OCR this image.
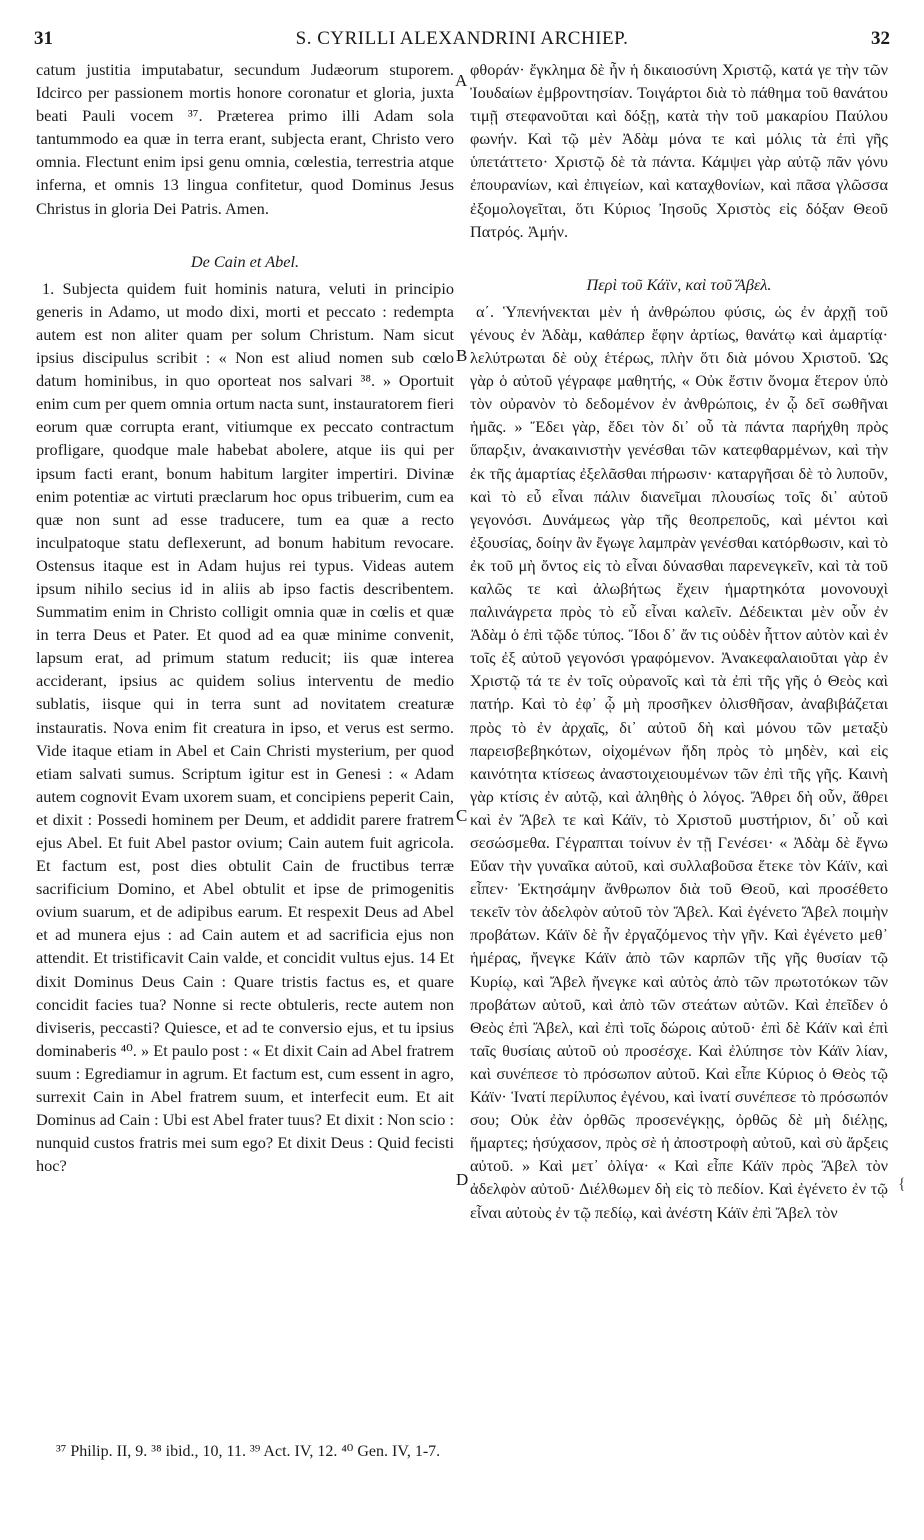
31	S. CYRILLI ALEXANDRINI ARCHIEP.	32

catum justitia imputabatur, secundum Judæorum stuporem. Idcirco per passionem mortis honore coronatur et gloria, juxta beati Pauli vocem ³⁷. Præterea primo illi Adam sola tantummodo ea quæ in terra erant, subjecta erant, Christo vero omnia. Flectunt enim ipsi genu omnia, cœlestia, terrestria atque inferna, et omnis 13 lingua confitetur, quod Dominus Jesus Christus in gloria Dei Patris. Amen.

De Cain et Abel.

1. Subjecta quidem fuit hominis natura, veluti in principio generis in Adamo, ut modo dixi, morti et peccato : redempta autem est non aliter quam per solum Christum. Nam sicut ipsius discipulus scribit : « Non est aliud nomen sub cœlo datum hominibus, in quo oporteat nos salvari ³⁸. » Oportuit enim cum per quem omnia ortum nacta sunt, instauratorem fieri eorum quæ corrupta erant, vitiumque ex peccato contractum profligare, quodque male habebat abolere, atque iis qui per ipsum facti erant, bonum habitum largiter impertiri. Divinæ enim potentiæ ac virtuti præclarum hoc opus tribuerim, cum ea quæ non sunt ad esse traducere, tum ea quæ a recto inculpatoque statu deflexerunt, ad bonum habitum revocare. Ostensus itaque est in Adam hujus rei typus. Videas autem ipsum nihilo secius id in aliis ab ipso factis describentem. Summatim enim in Christo colligit omnia quæ in cœlis et quæ in terra Deus et Pater. Et quod ad ea quæ minime convenit, lapsum erat, ad primum statum reducit; iis quæ interea acciderant, ipsius ac quidem solius interventu de medio sublatis, iisque qui in terra sunt ad novitatem creaturæ instauratis. Nova enim fit creatura in ipso, et verus est sermo. Vide itaque etiam in Abel et Cain Christi mysterium, per quod etiam salvati sumus. Scriptum igitur est in Genesi : « Adam autem cognovit Evam uxorem suam, et concipiens peperit Cain, et dixit : Possedi hominem per Deum, et addidit parere fratrem ejus Abel. Et fuit Abel pastor ovium; Cain autem fuit agricola. Et factum est, post dies obtulit Cain de fructibus terræ sacrificium Domino, et Abel obtulit et ipse de primogenitis ovium suarum, et de adipibus earum. Et respexit Deus ad Abel et ad munera ejus : ad Cain autem et ad sacrificia ejus non attendit. Et tristificavit Cain valde, et concidit vultus ejus. 14 Et dixit Dominus Deus Cain : Quare tristis factus es, et quare concidit facies tua? Nonne si recte obtuleris, recte autem non diviseris, peccasti? Quiesce, et ad te conversio ejus, et tu ipsius dominaberis ⁴⁰. » Et paulo post : « Et dixit Cain ad Abel fratrem suum : Egrediamur in agrum. Et factum est, cum essent in agro, surrexit Cain in Abel fratrem suum, et interfecit eum. Et ait Dominus ad Cain : Ubi est Abel frater tuus? Et dixit : Non scio : nunquid custos fratris mei sum ego? Et dixit Deus : Quid fecisti hoc?

A
B
C
D

φθοράν· ἔγκλημα δὲ ἦν ἡ δικαιοσύνη Χριστῷ, κατά γε τὴν τῶν Ἰουδαίων ἐμβροντησίαν. Τοιγάρτοι διὰ τὸ πάθημα τοῦ θανάτου τιμῇ στεφανοῦται καὶ δόξῃ, κατὰ τὴν τοῦ μακαρίου Παύλου φωνήν. Καὶ τῷ μὲν Ἀδὰμ μόνα τε καὶ μόλις τὰ ἐπὶ γῆς ὑπετάττετο· Χριστῷ δὲ τὰ πάντα. Κάμψει γὰρ αὐτῷ πᾶν γόνυ ἐπουρανίων, καὶ ἐπιγείων, καὶ καταχθονίων, καὶ πᾶσα γλῶσσα ἐξομολογεῖται, ὅτι Κύριος Ἰησοῦς Χριστὸς εἰς δόξαν Θεοῦ Πατρός. Ἀμήν.

Περὶ τοῦ Κάϊν, καὶ τοῦ Ἄβελ.

α΄. Ὑπενήνεκται μὲν ἡ ἀνθρώπου φύσις, ὡς ἐν ἀρχῇ τοῦ γένους ἐν Ἀδὰμ, καθάπερ ἔφην ἀρτίως, θανάτῳ καὶ ἁμαρτίᾳ· λελύτρωται δὲ οὐχ ἑτέρως, πλὴν ὅτι διὰ μόνου Χριστοῦ. Ὡς γὰρ ὁ αὐτοῦ γέγραφε μαθητής, « Οὐκ ἔστιν ὄνομα ἕτερον ὑπὸ τὸν οὐρανὸν τὸ δεδομένον ἐν ἀνθρώποις, ἐν ᾧ δεῖ σωθῆναι ἡμᾶς. » Ἔδει γὰρ, ἔδει τὸν δι᾽ οὗ τὰ πάντα παρήχθη πρὸς ὕπαρξιν, ἀνακαινιστὴν γενέσθαι τῶν κατεφθαρμένων, καὶ τὴν ἐκ τῆς ἁμαρτίας ἐξελᾶσθαι πήρωσιν· καταργῆσαι δὲ τὸ λυποῦν, καὶ τὸ εὖ εἶναι πάλιν διανεῖμαι πλουσίως τοῖς δι᾽ αὐτοῦ γεγονόσι. Δυνάμεως γὰρ τῆς θεοπρεποῦς, καὶ μέντοι καὶ ἐξουσίας, δοίην ἂν ἔγωγε λαμπρὰν γενέσθαι κατόρθωσιν, καὶ τὸ ἐκ τοῦ μὴ ὄντος εἰς τὸ εἶναι δύνασθαι παρενεγκεῖν, καὶ τὰ τοῦ καλῶς τε καὶ ἀλωβήτως ἔχειν ἡμαρτηκότα μονονουχὶ παλινάγρετα πρὸς τὸ εὖ εἶναι καλεῖν. Δέδεικται μὲν οὖν ἐν Ἀδὰμ ὁ ἐπὶ τῷδε τύπος. Ἴδοι δ᾽ ἄν τις οὐδὲν ἧττον αὐτὸν καὶ ἐν τοῖς ἐξ αὐτοῦ γεγονόσι γραφόμενον. Ἀνακεφαλαιοῦται γὰρ ἐν Χριστῷ τά τε ἐν τοῖς οὐρανοῖς καὶ τὰ ἐπὶ τῆς γῆς ὁ Θεὸς καὶ πατήρ. Καὶ τὸ ἐφ᾽ ᾧ μὴ προσῆκεν ὀλισθῆσαν, ἀναβιβάζεται πρὸς τὸ ἐν ἀρχαῖς, δι᾽ αὐτοῦ δὴ καὶ μόνου τῶν μεταξὺ παρεισβεβηκότων, οἰχομένων ἤδη πρὸς τὸ μηδὲν, καὶ εἰς καινότητα κτίσεως ἀναστοιχειουμένων τῶν ἐπὶ τῆς γῆς. Καινὴ γὰρ κτίσις ἐν αὐτῷ, καὶ ἀληθὴς ὁ λόγος. Ἄθρει δὴ οὖν, ἄθρει καὶ ἐν Ἄβελ τε καὶ Κάϊν, τὸ Χριστοῦ μυστήριον, δι᾽ οὗ καὶ σεσώσμεθα. Γέγραπται τοίνυν ἐν τῇ Γενέσει· « Ἀδὰμ δὲ ἔγνω Εὔαν τὴν γυναῖκα αὐτοῦ, καὶ συλλαβοῦσα ἔτεκε τὸν Κάϊν, καὶ εἶπεν· Ἐκτησάμην ἄνθρωπον διὰ τοῦ Θεοῦ, καὶ προσέθετο τεκεῖν τὸν ἀδελφὸν αὐτοῦ τὸν Ἄβελ. Καὶ ἐγένετο Ἄβελ ποιμὴν προβάτων. Κάϊν δὲ ἦν ἐργαζόμενος τὴν γῆν. Καὶ ἐγένετο μεθ᾽ ἡμέρας, ἤνεγκε Κάϊν ἀπὸ τῶν καρπῶν τῆς γῆς θυσίαν τῷ Κυρίῳ, καὶ Ἄβελ ἤνεγκε καὶ αὐτὸς ἀπὸ τῶν πρωτοτόκων τῶν προβάτων αὐτοῦ, καὶ ἀπὸ τῶν στεάτων αὐτῶν. Καὶ ἐπεῖδεν ὁ Θεὸς ἐπὶ Ἄβελ, καὶ ἐπὶ τοῖς δώροις αὐτοῦ· ἐπὶ δὲ Κάϊν καὶ ἐπὶ ταῖς θυσίαις αὐτοῦ οὐ προσέσχε. Καὶ ἐλύπησε τὸν Κάϊν λίαν, καὶ συνέπεσε τὸ πρόσωπον αὐτοῦ. Καὶ εἶπε Κύριος ὁ Θεὸς τῷ Κάϊν· Ἱνατί περίλυπος ἐγένου, καὶ ἱνατί συνέπεσε τὸ πρόσωπόν σου; Οὐκ ἐὰν ὀρθῶς προσενέγκῃς, ὀρθῶς δὲ μὴ διέλῃς, ἥμαρτες; ἡσύχασον, πρὸς σὲ ἡ ἀποστροφὴ αὐτοῦ, καὶ σὺ ἄρξεις αὐτοῦ. » Καὶ μετ᾽ ὀλίγα· « Καὶ εἶπε Κάϊν πρὸς Ἄβελ τὸν ἀδελφὸν αὐτοῦ· Διέλθωμεν δὴ εἰς τὸ πεδίον. Καὶ ἐγένετο ἐν τῷ εἶναι αὐτοὺς ἐν τῷ πεδίῳ, καὶ ἀνέστη Κάϊν ἐπὶ Ἄβελ τὸν

{
³⁷ Philip. II, 9. ³⁸ ibid., 10, 11. ³⁹ Act. IV, 12. ⁴⁰ Gen. IV, 1-7.
